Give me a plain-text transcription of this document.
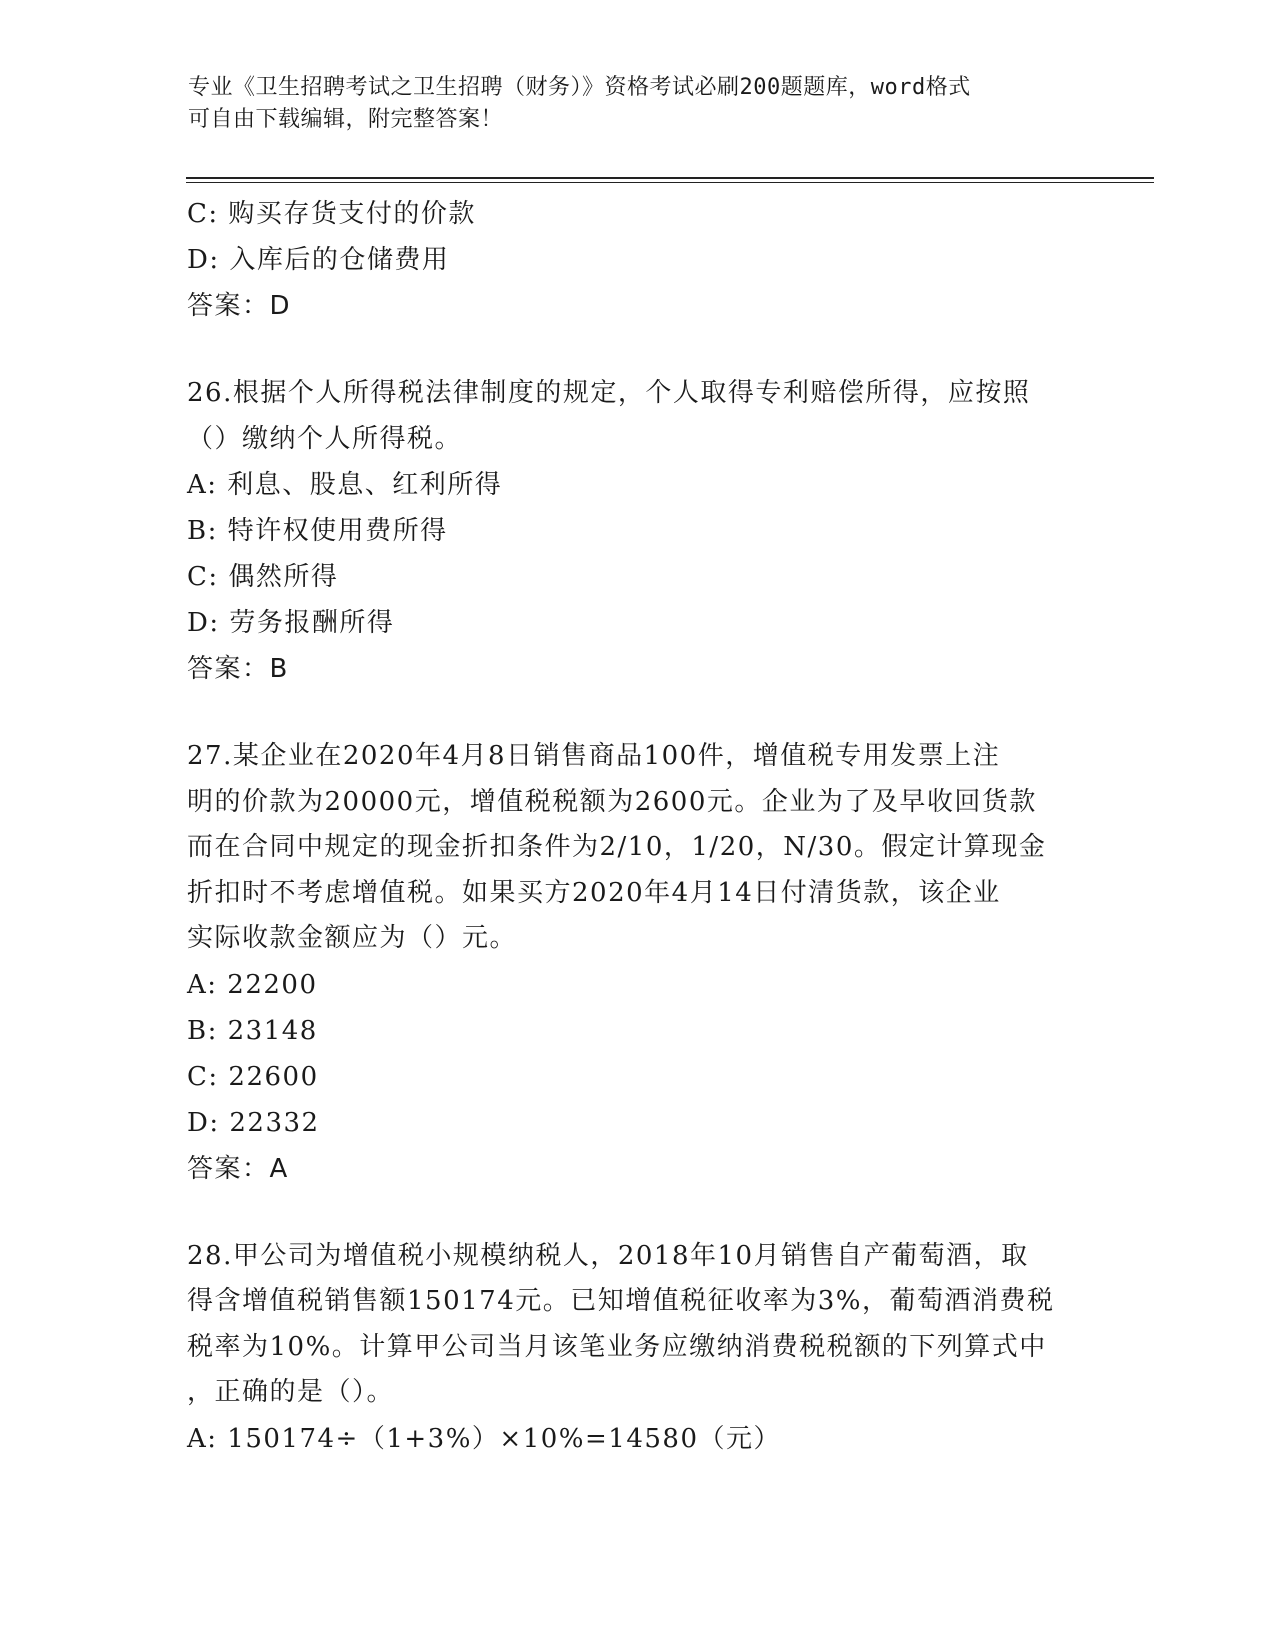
专业《卫生招聘考试之卫生招聘（财务）》资格考试必刷200题题库，word格式
可自由下载编辑，附完整答案！
C: 购买存货支付的价款
D: 入库后的仓储费用
答案：D
26.根据个人所得税法律制度的规定，个人取得专利赔偿所得，应按照
（）缴纳个人所得税。
A: 利息、股息、红利所得
B: 特许权使用费所得
C: 偶然所得
D: 劳务报酬所得
答案：B
27.某企业在2020年4月8日销售商品100件，增值税专用发票上注
明的价款为20000元，增值税税额为2600元。企业为了及早收回货款
而在合同中规定的现金折扣条件为2/10，1/20，N/30。假定计算现金
折扣时不考虑增值税。如果买方2020年4月14日付清货款，该企业
实际收款金额应为（）元。
A: 22200
B: 23148
C: 22600
D: 22332
答案：A
28.甲公司为增值税小规模纳税人，2018年10月销售自产葡萄酒，取
得含增值税销售额150174元。已知增值税征收率为3%，葡萄酒消费税
税率为10%。计算甲公司当月该笔业务应缴纳消费税税额的下列算式中
，正确的是（）。
A: 150174÷（1+3%）×10%=14580（元）
